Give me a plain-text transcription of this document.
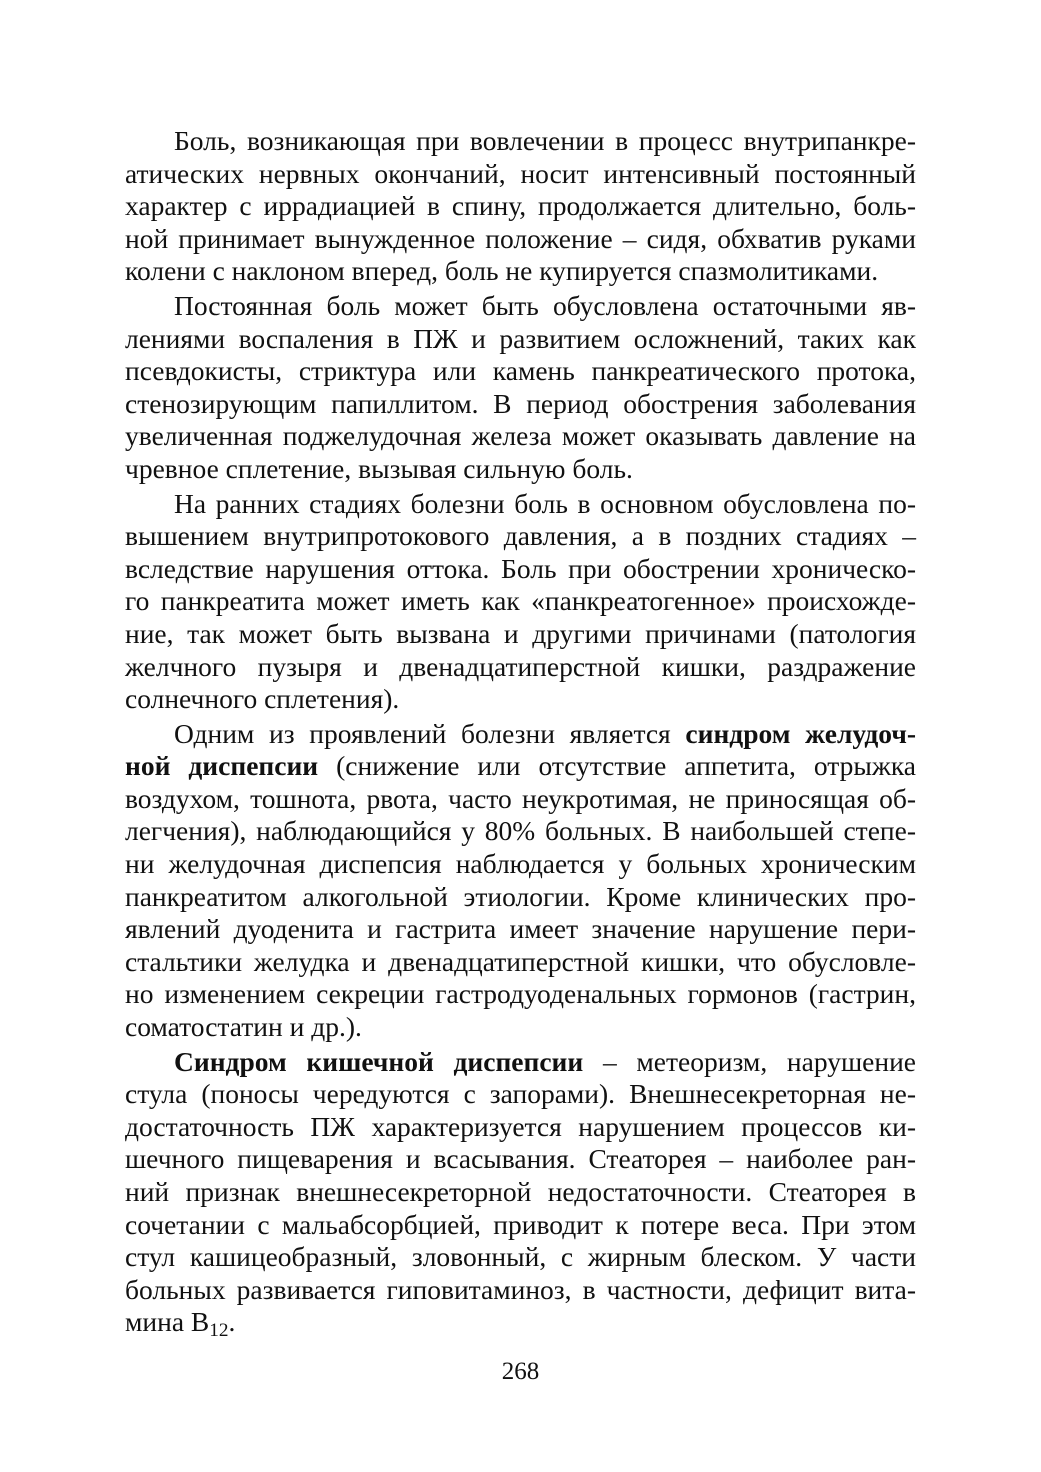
Боль, возникающая при вовлечении в процесс внутрипанкре-
атических нервных окончаний, носит интенсивный постоянный
характер с иррадиацией в спину, продолжается длительно, боль-
ной принимает вынужденное положение – сидя, обхватив руками
колени с наклоном вперед, боль не купируется спазмолитиками.
Постоянная боль может быть обусловлена остаточными яв-
лениями воспаления в ПЖ и развитием осложнений, таких как
псевдокисты, стриктура или камень панкреатического протока,
стенозирующим папиллитом. В период обострения заболевания
увеличенная поджелудочная железа может оказывать давление на
чревное сплетение, вызывая сильную боль.
На ранних стадиях болезни боль в основном обусловлена по-
вышением внутрипротокового давления, а в поздних стадиях –
вследствие нарушения оттока. Боль при обострении хроническо-
го панкреатита может иметь как «панкреатогенное» происхожде-
ние, так может быть вызвана и другими причинами (патология
желчного пузыря и двенадцатиперстной кишки, раздражение
солнечного сплетения).
Одним из проявлений болезни является синдром желудоч-
ной диспепсии (снижение или отсутствие аппетита, отрыжка
воздухом, тошнота, рвота, часто неукротимая, не приносящая об-
легчения), наблюдающийся у 80% больных. В наибольшей степе-
ни желудочная диспепсия наблюдается у больных хроническим
панкреатитом алкогольной этиологии. Кроме клинических про-
явлений дуоденита и гастрита имеет значение нарушение пери-
стальтики желудка и двенадцатиперстной кишки, что обусловле-
но изменением секреции гастродуоденальных гормонов (гастрин,
соматостатин и др.).
Синдром кишечной диспепсии – метеоризм, нарушение
стула (поносы чередуются с запорами). Внешнесекреторная не-
достаточность ПЖ характеризуется нарушением процессов ки-
шечного пищеварения и всасывания. Стеаторея – наиболее ран-
ний признак внешнесекреторной недостаточности. Стеаторея в
сочетании с мальабсорбцией, приводит к потере веса. При этом
стул кашицеобразный, зловонный, с жирным блеском. У части
больных развивается гиповитаминоз, в частности, дефицит вита-
мина $B_{12}$.
268
